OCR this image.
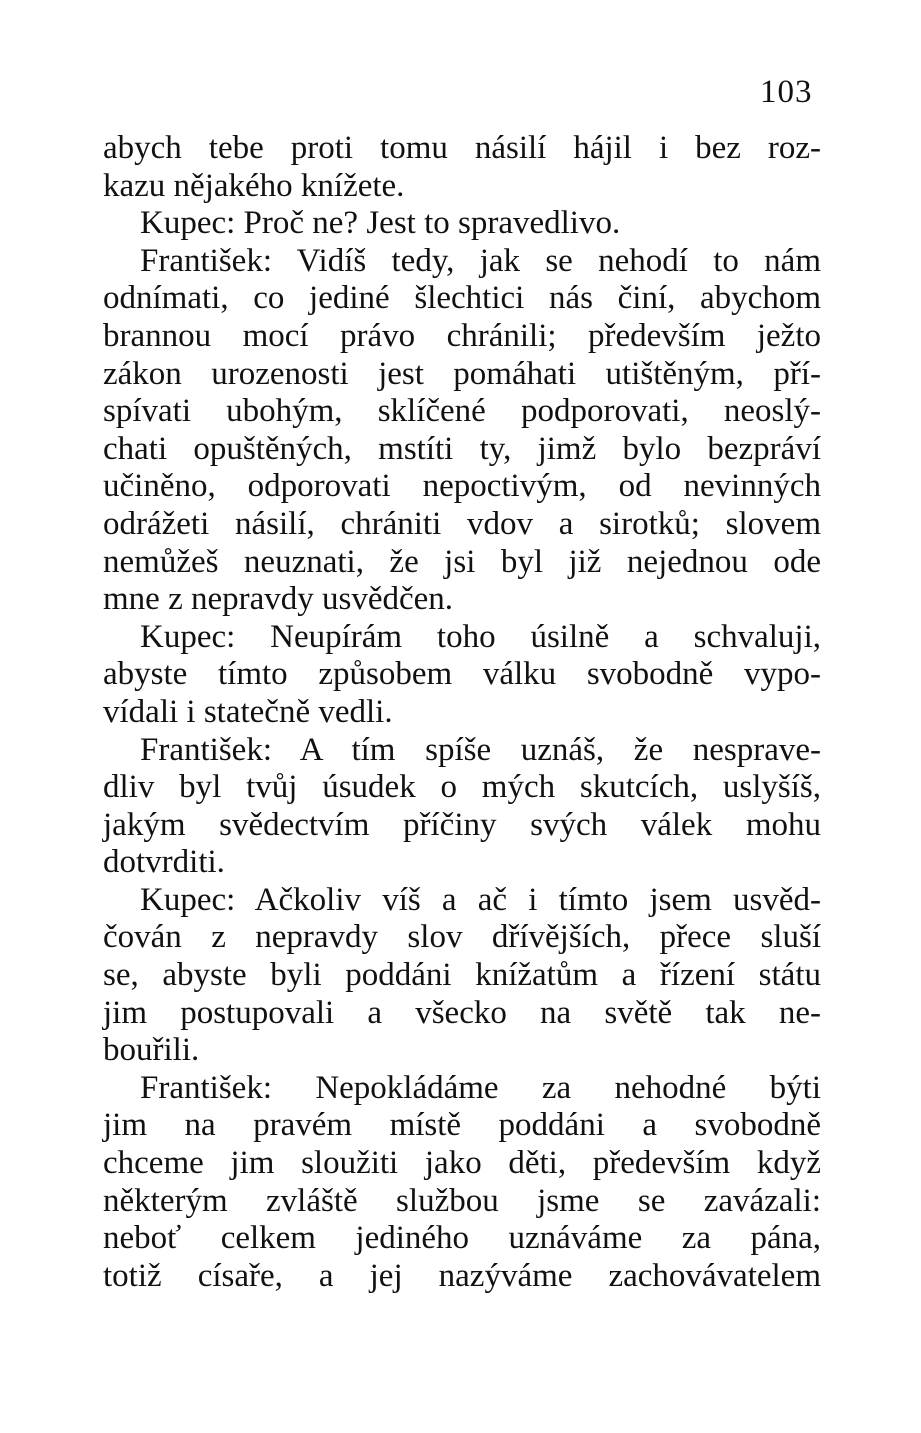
103
abych tebe proti tomu násilí hájil i bez roz-
kazu nějakého knížete.
Kupec: Proč ne? Jest to spravedlivo.
František: Vidíš tedy, jak se nehodí to nám
odnímati, co jediné šlechtici nás činí, abychom
brannou mocí právo chránili; především ježto
zákon urozenosti jest pomáhati utištěným, pří-
spívati ubohým, sklíčené podporovati, neoslý-
chati opuštěných, mstíti ty, jimž bylo bezpráví
učiněno, odporovati nepoctivým, od nevinných
odrážeti násilí, chrániti vdov a sirotků; slovem
nemůžeš neuznati, že jsi byl již nejednou ode
mne z nepravdy usvědčen.
Kupec: Neupírám toho úsilně a schvaluji,
abyste tímto způsobem válku svobodně vypo-
vídali i statečně vedli.
František: A tím spíše uznáš, že nesprave-
dliv byl tvůj úsudek o mých skutcích, uslyšíš,
jakým svědectvím příčiny svých válek mohu
dotvrditi.
Kupec: Ačkoliv víš a ač i tímto jsem usvěd-
čován z nepravdy slov dřívějších, přece sluší
se, abyste byli poddáni knížatům a řízení státu
jim postupovali a všecko na světě tak ne-
bouřili.
František: Nepokládáme za nehodné býti
jim na pravém místě poddáni a svobodně
chceme jim sloužiti jako děti, především když
některým zvláště službou jsme se zavázali:
neboť celkem jediného uznáváme za pána,
totiž císaře, a jej nazýváme zachovávatelem
